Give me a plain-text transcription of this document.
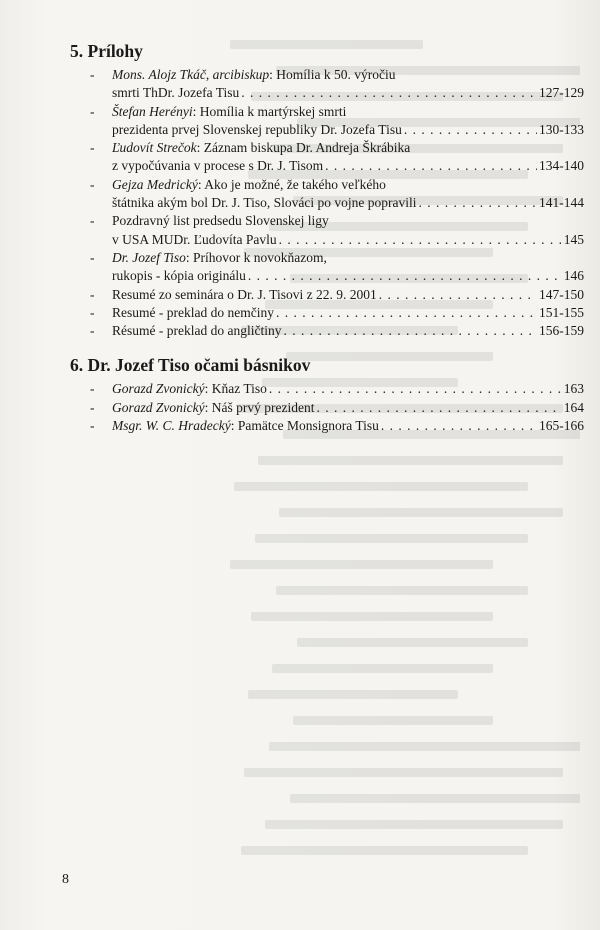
5. Prílohy
-	Mons. Alojz Tkáč, arcibiskup: Homília k 50. výročiu
smrti ThDr. Jozefa Tisu . . .	127-129
-	Štefan Herényi: Homília k martýrskej smrti
prezidenta prvej Slovenskej republiky Dr. Jozefa Tisu . . .	130-133
-	Ľudovít Strečok: Záznam biskupa Dr. Andreja Škrábika
z vypočúvania v procese s Dr. J. Tisom . . .	134-140
-	Gejza Medrický: Ako je možné, že takého veľkého
štátnika akým bol Dr. J. Tiso, Slováci po vojne popravili . . .	141-144
-	Pozdravný list predsedu Slovenskej ligy
v USA MUDr. Ľudovíta Pavlu . . .	145
-	Dr. Jozef Tiso: Príhovor k novokňazom,
rukopis - kópia originálu . . .	146
-	Resumé zo seminára o Dr. J. Tisovi z 22. 9. 2001 . . .	147-150
-	Resumé - preklad do nemčiny . . .	151-155
-	Résumé - preklad do angličtiny . . .	156-159
6. Dr. Jozef Tiso očami básnikov
-	Gorazd Zvonický: Kňaz Tiso . . .	163
-	Gorazd Zvonický: Náš prvý prezident . . .	164
-	Msgr. W. C. Hradecký: Pamätce Monsignora Tisu . . .	165-166
8
